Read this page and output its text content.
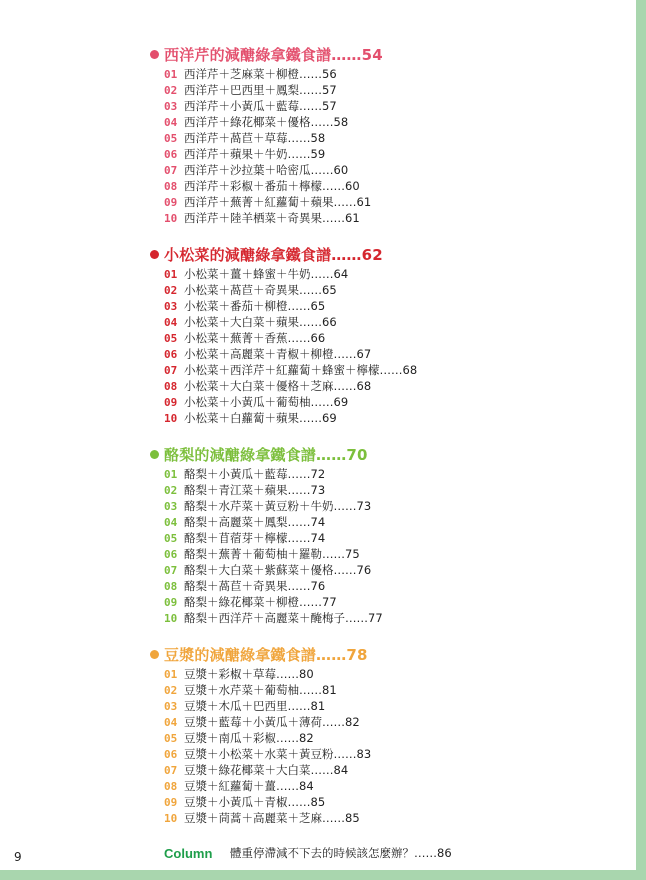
西洋芹的減醣綠拿鐵食譜……54
01 西洋芹＋芝麻菜＋柳橙……56
02 西洋芹＋巴西里＋鳳梨……57
03 西洋芹＋小黃瓜＋藍莓……57
04 西洋芹＋綠花椰菜＋優格……58
05 西洋芹＋萵苣＋草莓……58
06 西洋芹＋蘋果＋牛奶……59
07 西洋芹＋沙拉葉＋哈密瓜……60
08 西洋芹＋彩椒＋番茄＋檸檬……60
09 西洋芹＋蕪菁＋紅蘿蔔＋蘋果……61
10 西洋芹＋陸羊栖菜＋奇異果……61
小松菜的減醣綠拿鐵食譜……62
01 小松菜＋薑＋蜂蜜＋牛奶……64
02 小松菜＋萵苣＋奇異果……65
03 小松菜＋番茄＋柳橙……65
04 小松菜＋大白菜＋蘋果……66
05 小松菜＋蕪菁＋香蕉……66
06 小松菜＋高麗菜＋青椒＋柳橙……67
07 小松菜＋西洋芹＋紅蘿蔔＋蜂蜜＋檸檬……68
08 小松菜＋大白菜＋優格＋芝麻……68
09 小松菜＋小黃瓜＋葡萄柚……69
10 小松菜＋白蘿蔔＋蘋果……69
酪梨的減醣綠拿鐵食譜……70
01 酪梨＋小黃瓜＋藍莓……72
02 酪梨＋青江菜＋蘋果……73
03 酪梨＋水芹菜＋黃豆粉＋牛奶……73
04 酪梨＋高麗菜＋鳳梨……74
05 酪梨＋苜蓿芽＋檸檬……74
06 酪梨＋蕪菁＋葡萄柚＋羅勒……75
07 酪梨＋大白菜＋紫蘇菜＋優格……76
08 酪梨＋萵苣＋奇異果……76
09 酪梨＋綠花椰菜＋柳橙……77
10 酪梨＋西洋芹＋高麗菜＋醃梅子……77
豆漿的減醣綠拿鐵食譜……78
01 豆漿＋彩椒＋草莓……80
02 豆漿＋水芹菜＋葡萄柚……81
03 豆漿＋木瓜＋巴西里……81
04 豆漿＋藍莓＋小黃瓜＋薄荷……82
05 豆漿＋南瓜＋彩椒……82
06 豆漿＋小松菜＋水菜＋黃豆粉……83
07 豆漿＋綠花椰菜＋大白菜……84
08 豆漿＋紅蘿蔔＋薑……84
09 豆漿＋小黃瓜＋青椒……85
10 豆漿＋茼蒿＋高麗菜＋芝麻……85
Column	體重停滯減不下去的時候該怎麼辦？……86
9
